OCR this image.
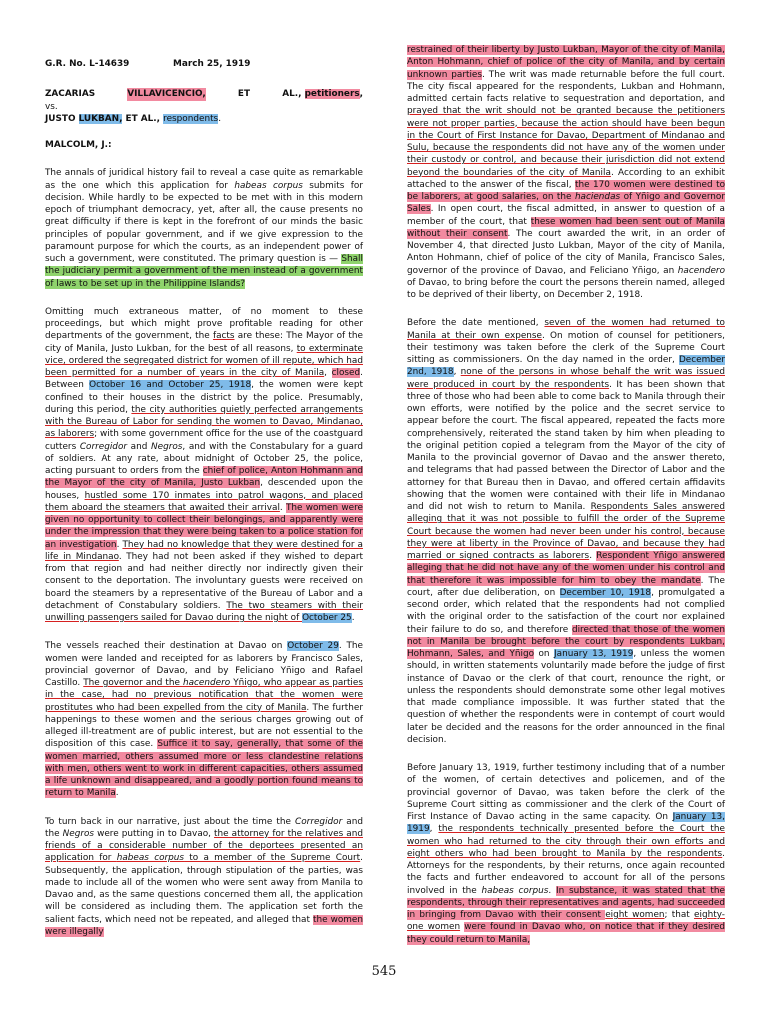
G.R. No. L-14639	March 25, 1919
ZACARIAS	VILLAVICENCIO,	ET	AL., petitioners,
vs.
JUSTO LUKBAN, ET AL., respondents.
MALCOLM, J.:

The annals of juridical history fail to reveal a case quite as remarkable as the one which this application for habeas corpus submits for decision. While hardly to be expected to be met with in this modern epoch of triumphant democracy, yet, after all, the cause presents no great difficulty if there is kept in the forefront of our minds the basic principles of popular government, and if we give expression to the paramount purpose for which the courts, as an independent power of such a government, were constituted. The primary question is — Shall the judiciary permit a government of the men instead of a government of laws to be set up in the Philippine Islands?

Omitting much extraneous matter, of no moment to these proceedings, but which might prove profitable reading for other departments of the government, the facts are these: The Mayor of the city of Manila, Justo Lukban, for the best of all reasons, to exterminate vice, ordered the segregated district for women of ill repute, which had been permitted for a number of years in the city of Manila, closed. Between October 16 and October 25, 1918, the women were kept confined to their houses in the district by the police. Presumably, during this period, the city authorities quietly perfected arrangements with the Bureau of Labor for sending the women to Davao, Mindanao, as laborers; with some government office for the use of the coastguard cutters Corregidor and Negros, and with the Constabulary for a guard of soldiers. At any rate, about midnight of October 25, the police, acting pursuant to orders from the chief of police, Anton Hohmann and the Mayor of the city of Manila, Justo Lukban, descended upon the houses, hustled some 170 inmates into patrol wagons, and placed them aboard the steamers that awaited their arrival. The women were given no opportunity to collect their belongings, and apparently were under the impression that they were being taken to a police station for an investigation. They had no knowledge that they were destined for a life in Mindanao. They had not been asked if they wished to depart from that region and had neither directly nor indirectly given their consent to the deportation. The involuntary guests were received on board the steamers by a representative of the Bureau of Labor and a detachment of Constabulary soldiers. The two steamers with their unwilling passengers sailed for Davao during the night of October 25.

The vessels reached their destination at Davao on October 29. The women were landed and receipted for as laborers by Francisco Sales, provincial governor of Davao, and by Feliciano Yñigo and Rafael Castillo. The governor and the hacendero Yñigo, who appear as parties in the case, had no previous notification that the women were prostitutes who had been expelled from the city of Manila. The further happenings to these women and the serious charges growing out of alleged ill-treatment are of public interest, but are not essential to the disposition of this case. Suffice it to say, generally, that some of the women married, others assumed more or less clandestine relations with men, others went to work in different capacities, others assumed a life unknown and disappeared, and a goodly portion found means to return to Manila.

To turn back in our narrative, just about the time the Corregidor and the Negros were putting in to Davao, the attorney for the relatives and friends of a considerable number of the deportees presented an application for habeas corpus to a member of the Supreme Court. Subsequently, the application, through stipulation of the parties, was made to include all of the women who were sent away from Manila to Davao and, as the same questions concerned them all, the application will be considered as including them. The application set forth the salient facts, which need not be repeated, and alleged that the women were illegally

restrained of their liberty by Justo Lukban, Mayor of the city of Manila, Anton Hohmann, chief of police of the city of Manila, and by certain unknown parties. The writ was made returnable before the full court. The city fiscal appeared for the respondents, Lukban and Hohmann, admitted certain facts relative to sequestration and deportation, and prayed that the writ should not be granted because the petitioners were not proper parties, because the action should have been begun in the Court of First Instance for Davao, Department of Mindanao and Sulu, because the respondents did not have any of the women under their custody or control, and because their jurisdiction did not extend beyond the boundaries of the city of Manila. According to an exhibit attached to the answer of the fiscal, the 170 women were destined to be laborers, at good salaries, on the haciendas of Yñigo and Governor Sales. In open court, the fiscal admitted, in answer to question of a member of the court, that these women had been sent out of Manila without their consent. The court awarded the writ, in an order of November 4, that directed Justo Lukban, Mayor of the city of Manila, Anton Hohmann, chief of police of the city of Manila, Francisco Sales, governor of the province of Davao, and Feliciano Yñigo, an hacendero of Davao, to bring before the court the persons therein named, alleged to be deprived of their liberty, on December 2, 1918.

Before the date mentioned, seven of the women had returned to Manila at their own expense. On motion of counsel for petitioners, their testimony was taken before the clerk of the Supreme Court sitting as commissioners. On the day named in the order, December 2nd, 1918, none of the persons in whose behalf the writ was issued were produced in court by the respondents. It has been shown that three of those who had been able to come back to Manila through their own efforts, were notified by the police and the secret service to appear before the court. The fiscal appeared, repeated the facts more comprehensively, reiterated the stand taken by him when pleading to the original petition copied a telegram from the Mayor of the city of Manila to the provincial governor of Davao and the answer thereto, and telegrams that had passed between the Director of Labor and the attorney for that Bureau then in Davao, and offered certain affidavits showing that the women were contained with their life in Mindanao and did not wish to return to Manila. Respondents Sales answered alleging that it was not possible to fulfill the order of the Supreme Court because the women had never been under his control, because they were at liberty in the Province of Davao, and because they had married or signed contracts as laborers. Respondent Yñigo answered alleging that he did not have any of the women under his control and that therefore it was impossible for him to obey the mandate. The court, after due deliberation, on December 10, 1918, promulgated a second order, which related that the respondents had not complied with the original order to the satisfaction of the court nor explained their failure to do so, and therefore directed that those of the women not in Manila be brought before the court by respondents Lukban, Hohmann, Sales, and Yñigo on January 13, 1919, unless the women should, in written statements voluntarily made before the judge of first instance of Davao or the clerk of that court, renounce the right, or unless the respondents should demonstrate some other legal motives that made compliance impossible. It was further stated that the question of whether the respondents were in contempt of court would later be decided and the reasons for the order announced in the final decision.

Before January 13, 1919, further testimony including that of a number of the women, of certain detectives and policemen, and of the provincial governor of Davao, was taken before the clerk of the Supreme Court sitting as commissioner and the clerk of the Court of First Instance of Davao acting in the same capacity. On January 13, 1919, the respondents technically presented before the Court the women who had returned to the city through their own efforts and eight others who had been brought to Manila by the respondents. Attorneys for the respondents, by their returns, once again recounted the facts and further endeavored to account for all of the persons involved in the habeas corpus. In substance, it was stated that the respondents, through their representatives and agents, had succeeded in bringing from Davao with their consent eight women; that eighty-one women were found in Davao who, on notice that if they desired they could return to Manila,

545
